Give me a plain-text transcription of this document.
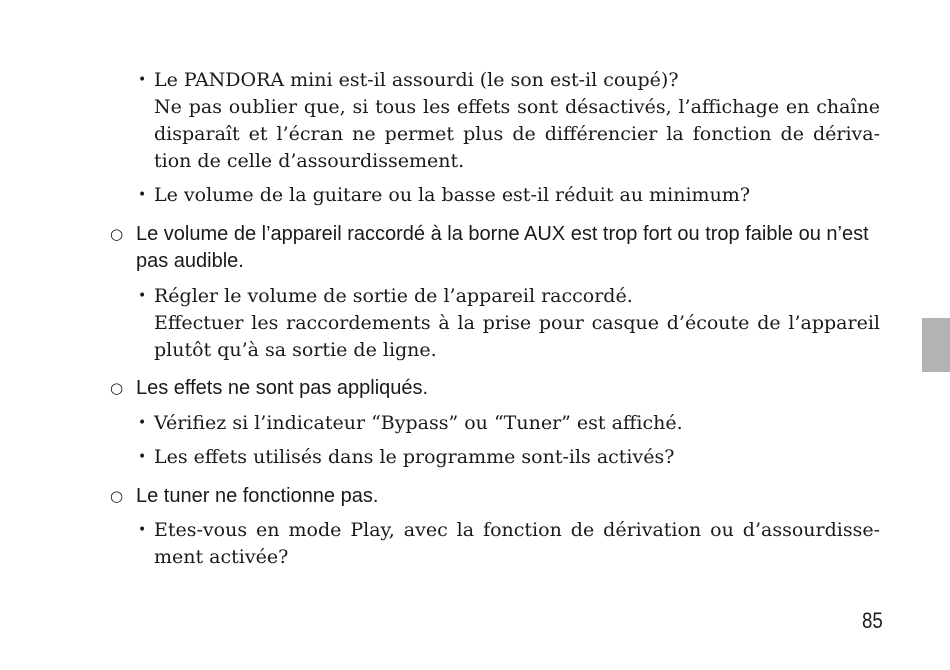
• Le PANDORA mini est-il assourdi (le son est-il coupé)?
Ne pas oublier que, si tous les effets sont désactivés, l’affichage en chaîne disparaît et l’écran ne permet plus de différencier la fonction de dériva-tion de celle d’assourdissement.
• Le volume de la guitare ou la basse est-il réduit au minimum?
○ Le volume de l’appareil raccordé à la borne AUX est trop fort ou trop faible ou n’est pas audible.
• Régler le volume de sortie de l’appareil raccordé.
Effectuer les raccordements à la prise pour casque d’écoute de l’appareil plutôt qu’à sa sortie de ligne.
○ Les effets ne sont pas appliqués.
• Vérifiez si l’indicateur “Bypass” ou “Tuner” est affiché.
• Les effets utilisés dans le programme sont-ils activés?
○ Le tuner ne fonctionne pas.
• Etes-vous en mode Play, avec la fonction de dérivation ou d’assourdisse-ment activée?
85
